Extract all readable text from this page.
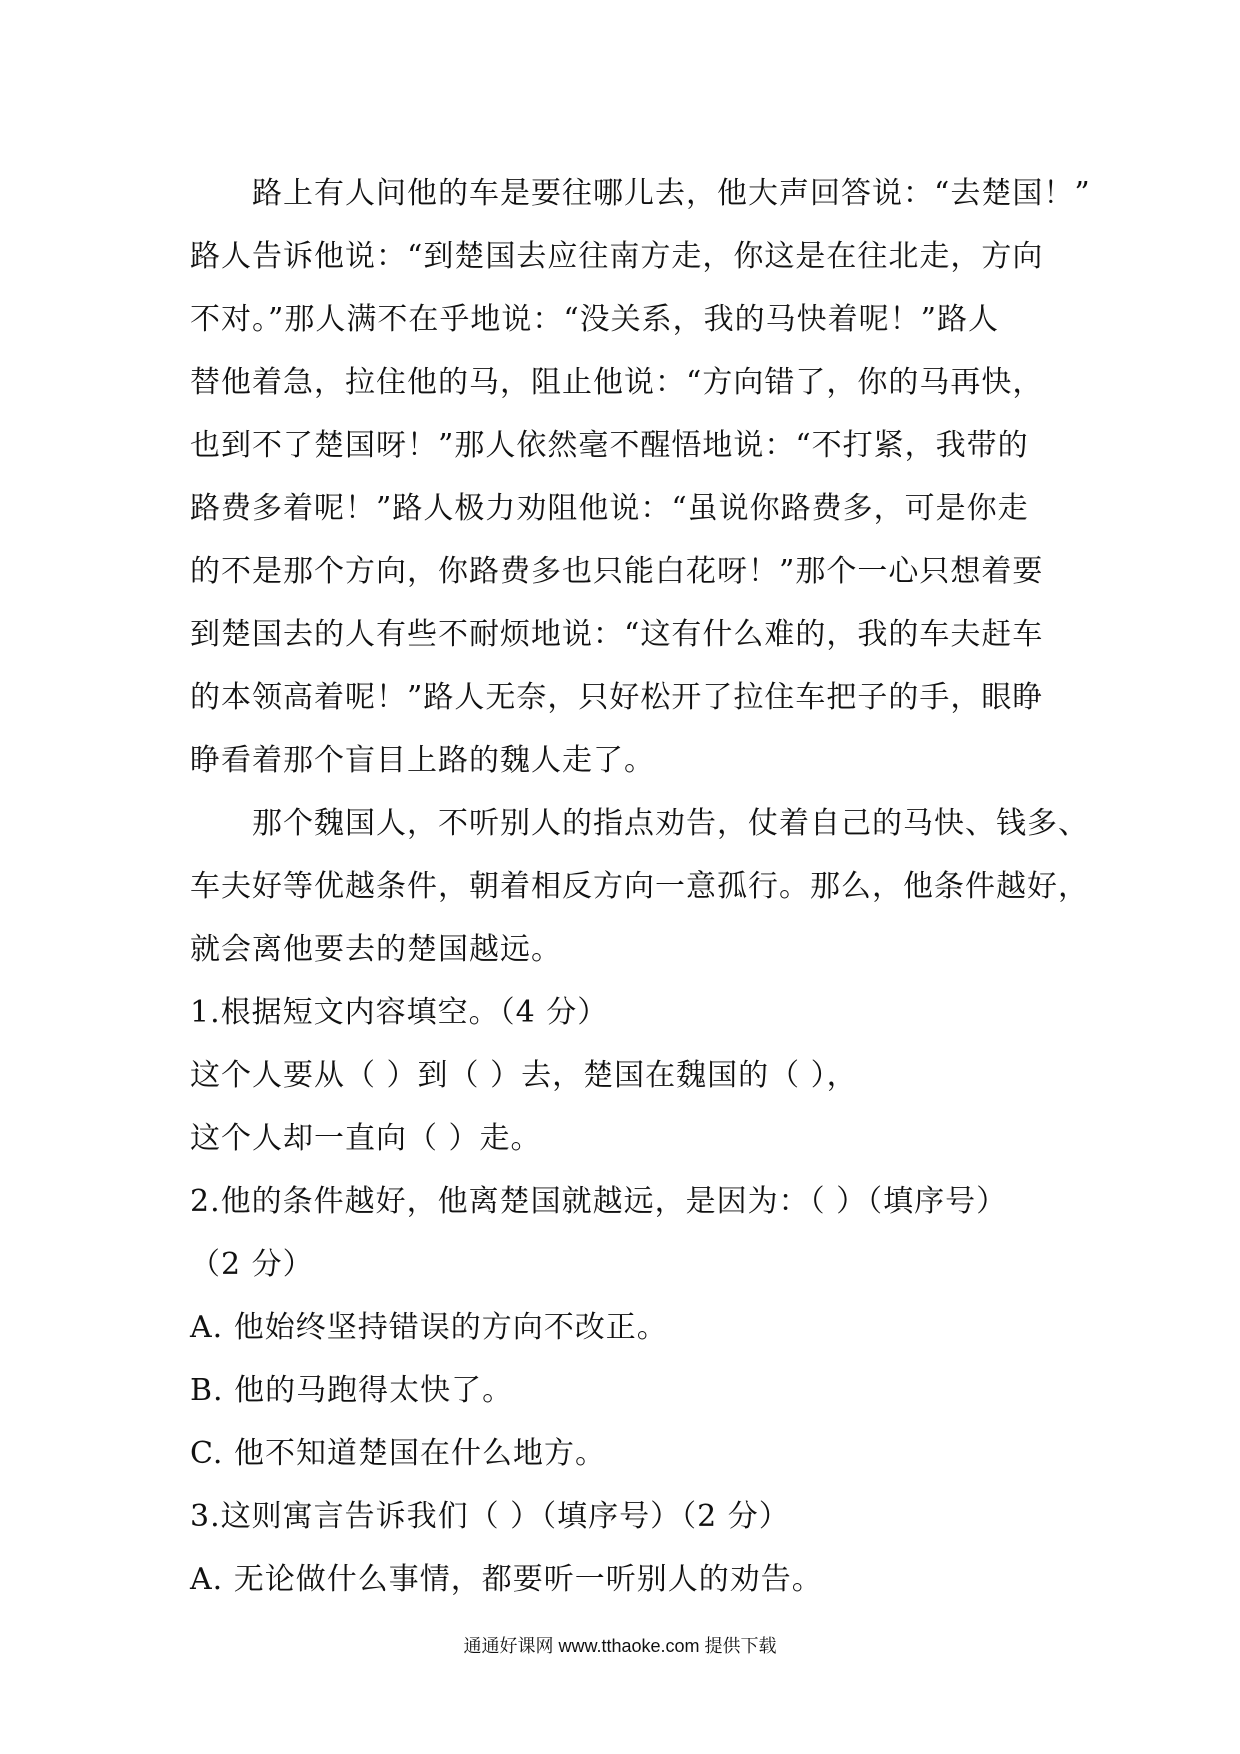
路上有人问他的车是要往哪儿去，他大声回答说：“去楚国！”
路人告诉他说：“到楚国去应往南方走，你这是在往北走，方向
不对。”那人满不在乎地说：“没关系，我的马快着呢！”路人
替他着急，拉住他的马，阻止他说：“方向错了，你的马再快，
也到不了楚国呀！”那人依然毫不醒悟地说：“不打紧，我带的
路费多着呢！”路人极力劝阻他说：“虽说你路费多，可是你走
的不是那个方向，你路费多也只能白花呀！”那个一心只想着要
到楚国去的人有些不耐烦地说：“这有什么难的，我的车夫赶车
的本领高着呢！”路人无奈，只好松开了拉住车把子的手，眼睁
睁看着那个盲目上路的魏人走了。
那个魏国人，不听别人的指点劝告，仗着自己的马快、钱多、
车夫好等优越条件，朝着相反方向一意孤行。那么，他条件越好，
就会离他要去的楚国越远。
1.根据短文内容填空。（4 分）
这个人要从（ ）到（ ）去，楚国在魏国的（ ），
这个人却一直向（ ）走。
2.他的条件越好，他离楚国就越远，是因为：（ ）（填序号）
（2 分）
A. 他始终坚持错误的方向不改正。
B. 他的马跑得太快了。
C. 他不知道楚国在什么地方。
3.这则寓言告诉我们（ ）（填序号）（2 分）
A. 无论做什么事情，都要听一听别人的劝告。
通通好课网 www.tthaoke.com 提供下载
